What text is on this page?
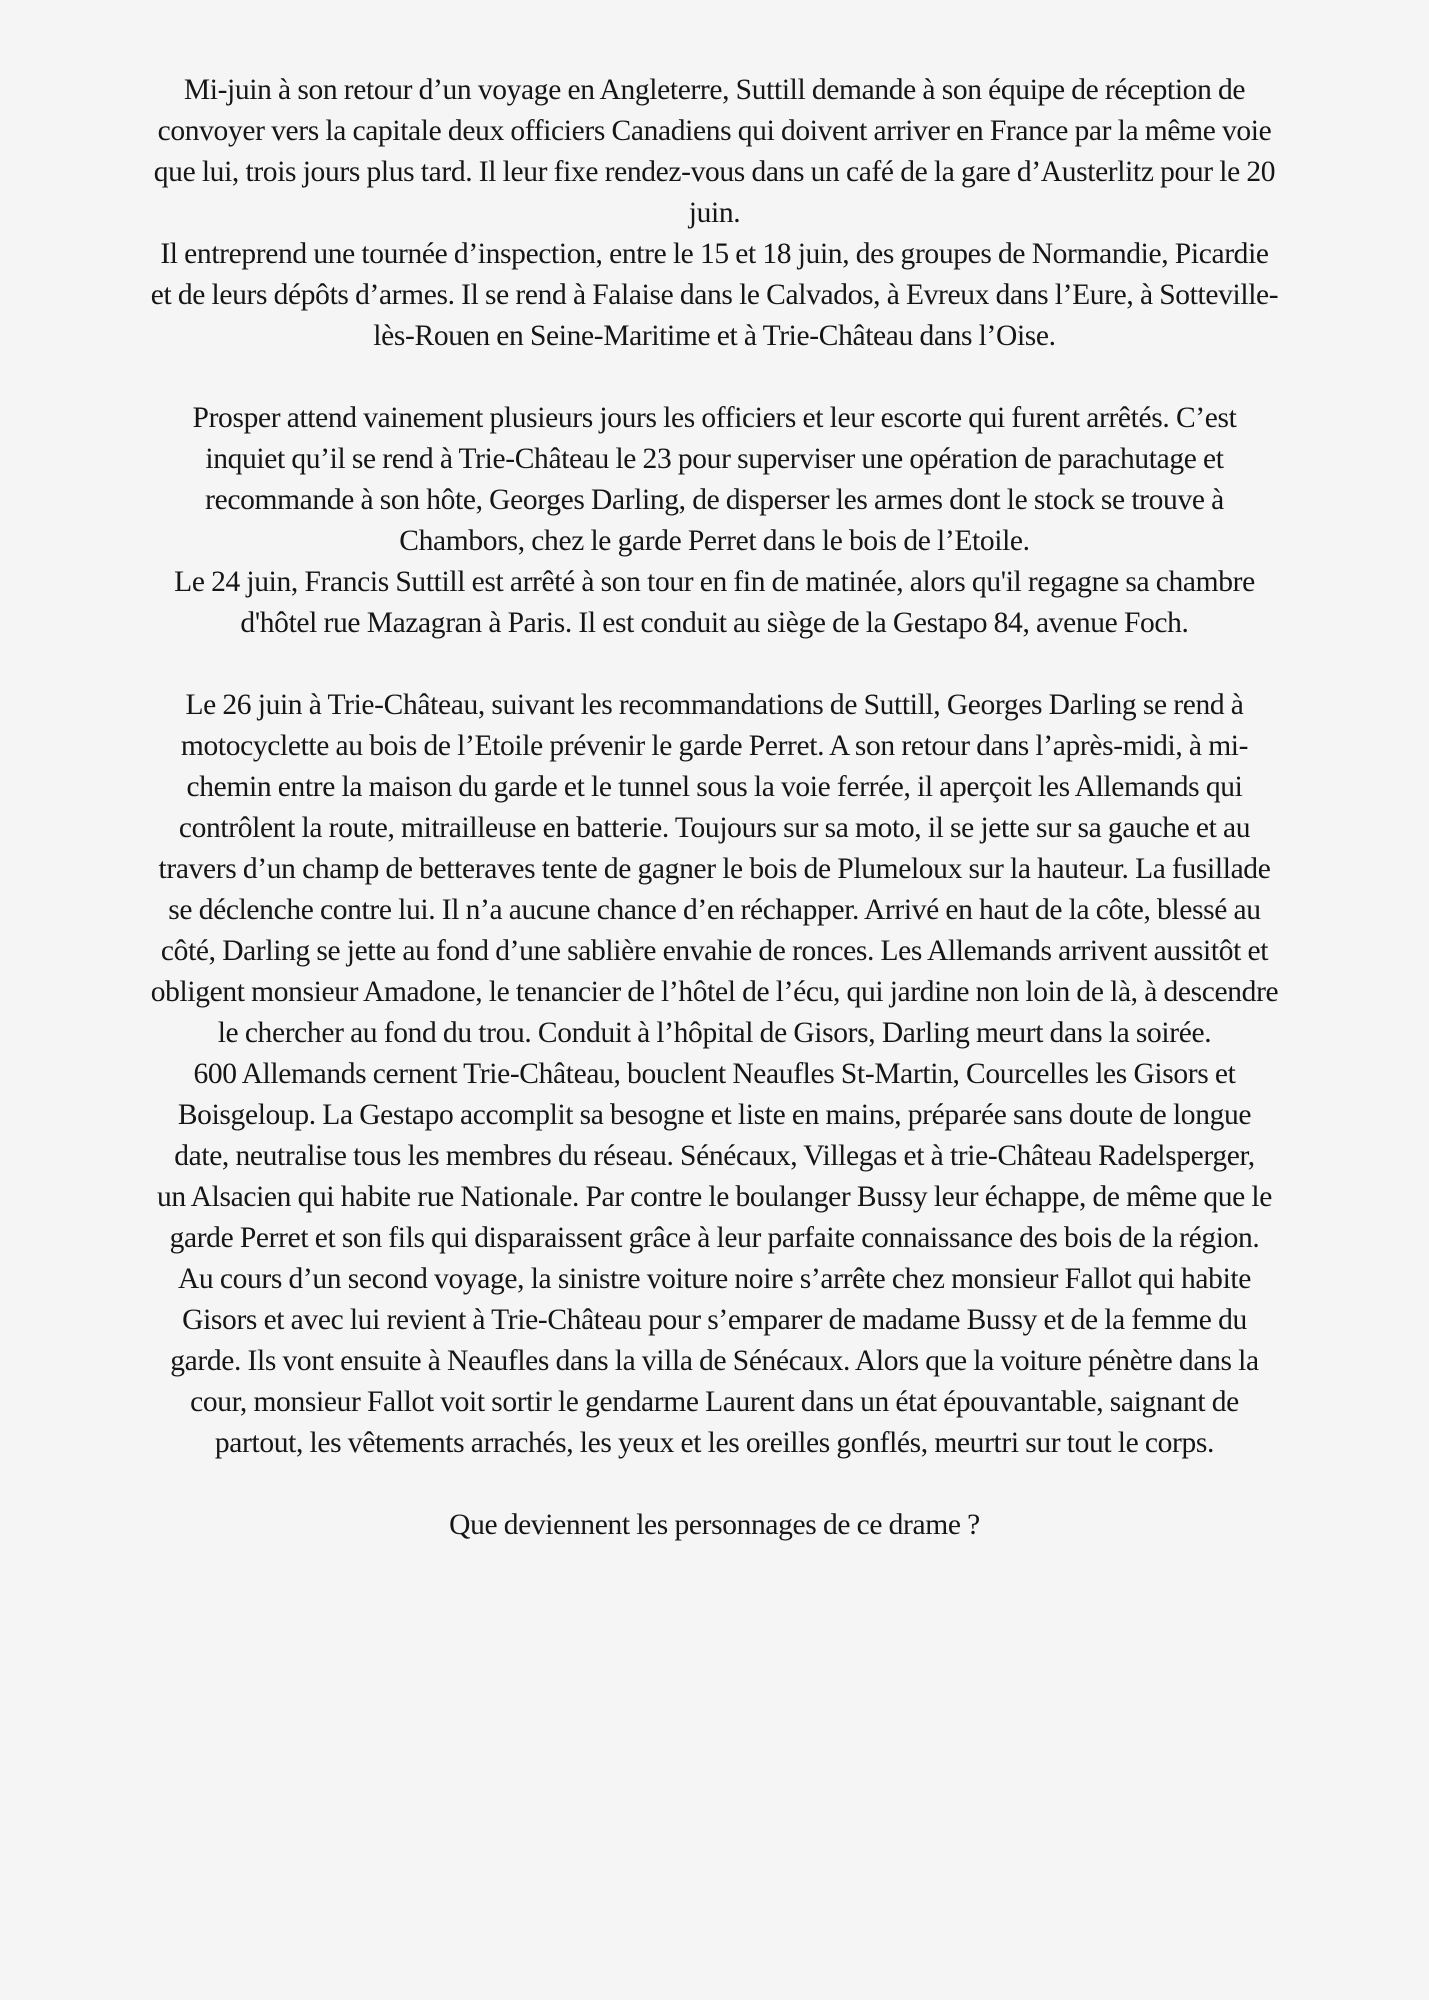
Mi-juin à son retour d’un voyage en Angleterre, Suttill demande à son équipe de réception de
convoyer vers la capitale deux officiers Canadiens qui doivent arriver en France par la même voie
que lui, trois jours plus tard. Il leur fixe rendez-vous dans un café de la gare d’Austerlitz pour le 20
juin.

Il entreprend une tournée d’inspection, entre le 15 et 18 juin, des groupes de Normandie, Picardie
et de leurs dépôts d’armes. Il se rend à Falaise dans le Calvados, à Evreux dans l’Eure, à Sotteville-
lès-Rouen en Seine-Maritime et à Trie-Château dans l’Oise.

Prosper attend vainement plusieurs jours les officiers et leur escorte qui furent arrêtés. C’est
inquiet qu’il se rend à Trie-Château le 23 pour superviser une opération de parachutage et
recommande à son hôte, Georges Darling, de disperser les armes dont le stock se trouve à
Chambors, chez le garde Perret dans le bois de l’Etoile.

Le 24 juin, Francis Suttill est arrêté à son tour en fin de matinée, alors qu'il regagne sa chambre
d'hôtel rue Mazagran à Paris. Il est conduit au siège de la Gestapo 84, avenue Foch.

Le 26 juin à Trie-Château, suivant les recommandations de Suttill, Georges Darling se rend à
motocyclette au bois de l’Etoile prévenir le garde Perret. A son retour dans l’après-midi, à mi-
chemin entre la maison du garde et le tunnel sous la voie ferrée, il aperçoit les Allemands qui
contrôlent la route, mitrailleuse en batterie. Toujours sur sa moto, il se jette sur sa gauche et au
travers d’un champ de betteraves tente de gagner le bois de Plumeloux sur la hauteur. La fusillade
se déclenche contre lui. Il n’a aucune chance d’en réchapper. Arrivé en haut de la côte, blessé au
côté, Darling se jette au fond d’une sablière envahie de ronces. Les Allemands arrivent aussitôt et
obligent monsieur Amadone, le tenancier de l’hôtel de l’écu, qui jardine non loin de là, à descendre
le chercher au fond du trou. Conduit à l’hôpital de Gisors, Darling meurt dans la soirée.

600 Allemands cernent Trie-Château, bouclent Neaufles St-Martin, Courcelles les Gisors et
Boisgeloup. La Gestapo accomplit sa besogne et liste en mains, préparée sans doute de longue
date, neutralise tous les membres du réseau. Sénécaux, Villegas et à trie-Château Radelsperger,
un Alsacien qui habite rue Nationale. Par contre le boulanger Bussy leur échappe, de même que le
garde Perret et son fils qui disparaissent grâce à leur parfaite connaissance des bois de la région.

Au cours d’un second voyage, la sinistre voiture noire s’arrête chez monsieur Fallot qui habite
Gisors et avec lui revient à Trie-Château pour s’emparer de madame Bussy et de la femme du
garde. Ils vont ensuite à Neaufles dans la villa de Sénécaux. Alors que la voiture pénètre dans la
cour, monsieur Fallot voit sortir le gendarme Laurent dans un état épouvantable, saignant de
partout, les vêtements arrachés, les yeux et les oreilles gonflés, meurtri sur tout le corps.

Que deviennent les personnages de ce drame ?
